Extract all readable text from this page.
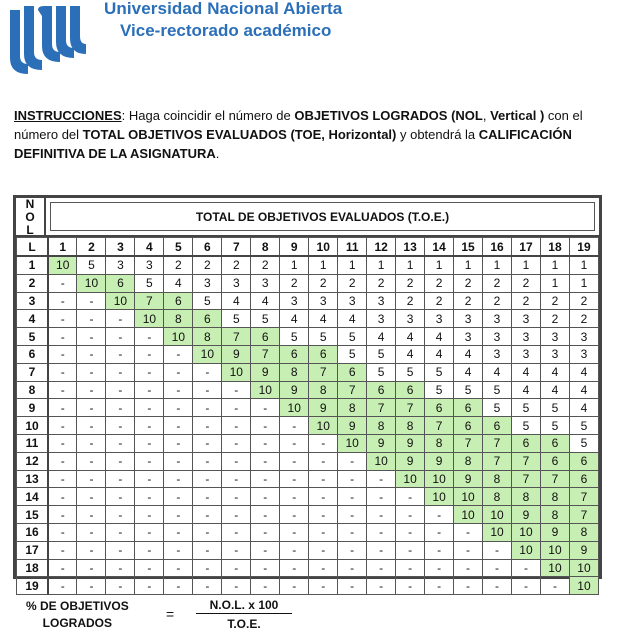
Universidad Nacional Abierta
Vice-rectorado académico
INSTRUCCIONES: Haga coincidir el número de OBJETIVOS LOGRADOS (NOL, Vertical ) con el número del TOTAL OBJETIVOS EVALUADOS (TOE, Horizontal) y obtendrá la CALIFICACIÓN DEFINITIVA DE LA ASIGNATURA.
N
O
L
TOTAL DE OBJETIVOS EVALUADOS (T.O.E.)
L	1	2	3	4	5	6	7	8	9	10	11	12	13	14	15	16	17	18	19
1	10	5	3	3	2	2	2	2	1	1	1	1	1	1	1	1	1	1	1
2	-	10	6	5	4	3	3	3	2	2	2	2	2	2	2	2	2	1	1
3	-	-	10	7	6	5	4	4	3	3	3	3	2	2	2	2	2	2	2
4	-	-	-	10	8	6	5	5	4	4	4	3	3	3	3	3	3	2	2
5	-	-	-	-	10	8	7	6	5	5	5	4	4	4	3	3	3	3	3
6	-	-	-	-	-	10	9	7	6	6	5	5	4	4	4	3	3	3	3
7	-	-	-	-	-	-	10	9	8	7	6	5	5	5	4	4	4	4	4
8	-	-	-	-	-	-	-	10	9	8	7	6	6	5	5	5	4	4	4
9	-	-	-	-	-	-	-	-	10	9	8	7	7	6	6	5	5	5	4
10	-	-	-	-	-	-	-	-	-	10	9	8	8	7	6	6	5	5	5
11	-	-	-	-	-	-	-	-	-	-	10	9	9	8	7	7	6	6	5
12	-	-	-	-	-	-	-	-	-	-	-	10	9	9	8	7	7	6	6
13	-	-	-	-	-	-	-	-	-	-	-	-	10	10	9	8	7	7	6
14	-	-	-	-	-	-	-	-	-	-	-	-	-	10	10	8	8	8	7
15	-	-	-	-	-	-	-	-	-	-	-	-	-	-	10	10	9	8	7
16	-	-	-	-	-	-	-	-	-	-	-	-	-	-	-	10	10	9	8
17	-	-	-	-	-	-	-	-	-	-	-	-	-	-	-	-	10	10	9
18	-	-	-	-	-	-	-	-	-	-	-	-	-	-	-	-	-	10	10
19	-	-	-	-	-	-	-	-	-	-	-	-	-	-	-	-	-	-	10
% DE OBJETIVOS
LOGRADOS
=
N.O.L. x 100
T.O.E.
